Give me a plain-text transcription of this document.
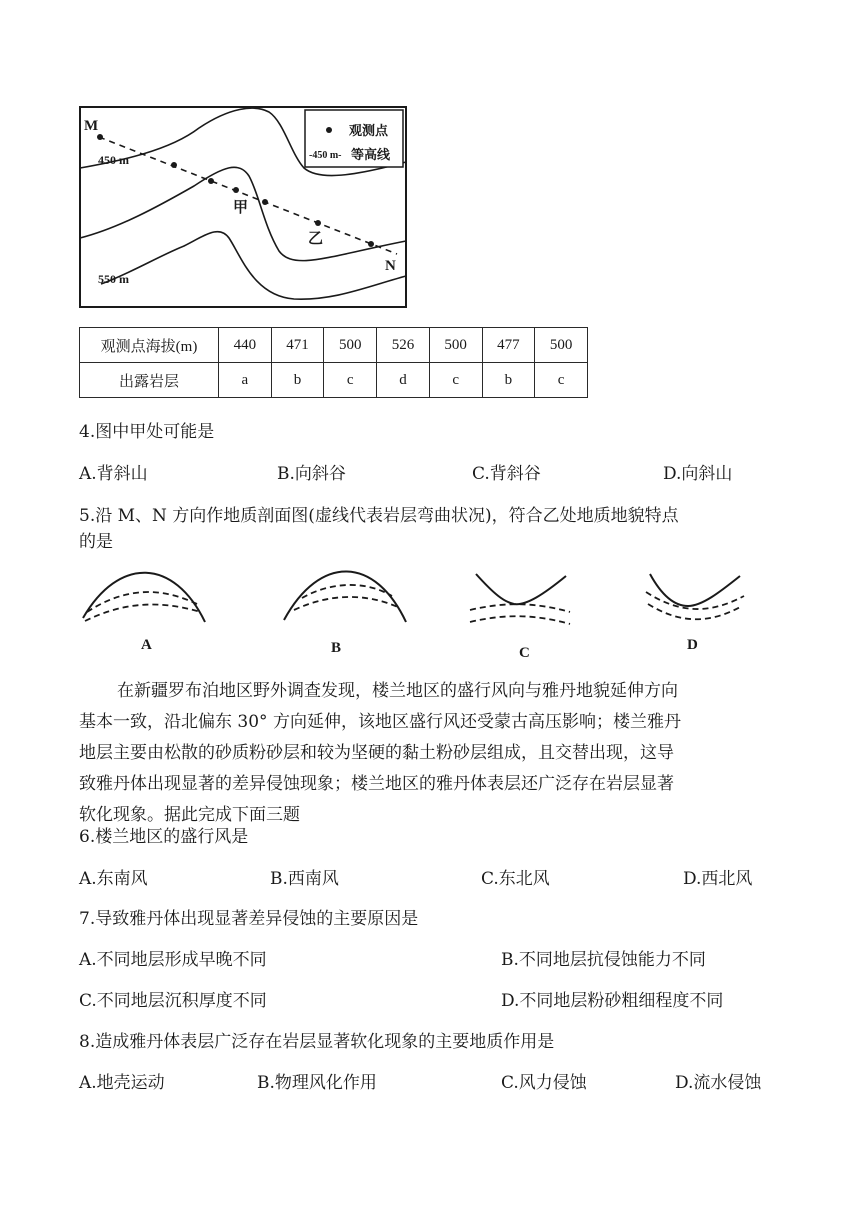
M
N
甲
乙
450 m
550 m
观测点
-450 m- 等高线
观测点海拔(m)	440	471	500	526	500	477	500
出露岩层	a	b	c	d	c	b	c
4.图中甲处可能是
A.背斜山	B.向斜谷	C.背斜谷	D.向斜山
5.沿 M、N 方向作地质剖面图(虚线代表岩层弯曲状况)，符合乙处地质地貌特点
的是
A	B	C	D
在新疆罗布泊地区野外调查发现，楼兰地区的盛行风向与雅丹地貌延伸方向
基本一致，沿北偏东 30° 方向延伸，该地区盛行风还受蒙古高压影响；楼兰雅丹
地层主要由松散的砂质粉砂层和较为坚硬的黏土粉砂层组成，且交替出现，这导
致雅丹体出现显著的差异侵蚀现象；楼兰地区的雅丹体表层还广泛存在岩层显著
软化现象。据此完成下面三题
6.楼兰地区的盛行风是
A.东南风	B.西南风	C.东北风	D.西北风
7.导致雅丹体出现显著差异侵蚀的主要原因是
A.不同地层形成早晚不同	B.不同地层抗侵蚀能力不同
C.不同地层沉积厚度不同	D.不同地层粉砂粗细程度不同
8.造成雅丹体表层广泛存在岩层显著软化现象的主要地质作用是
A.地壳运动	B.物理风化作用	C.风力侵蚀	D.流水侵蚀
